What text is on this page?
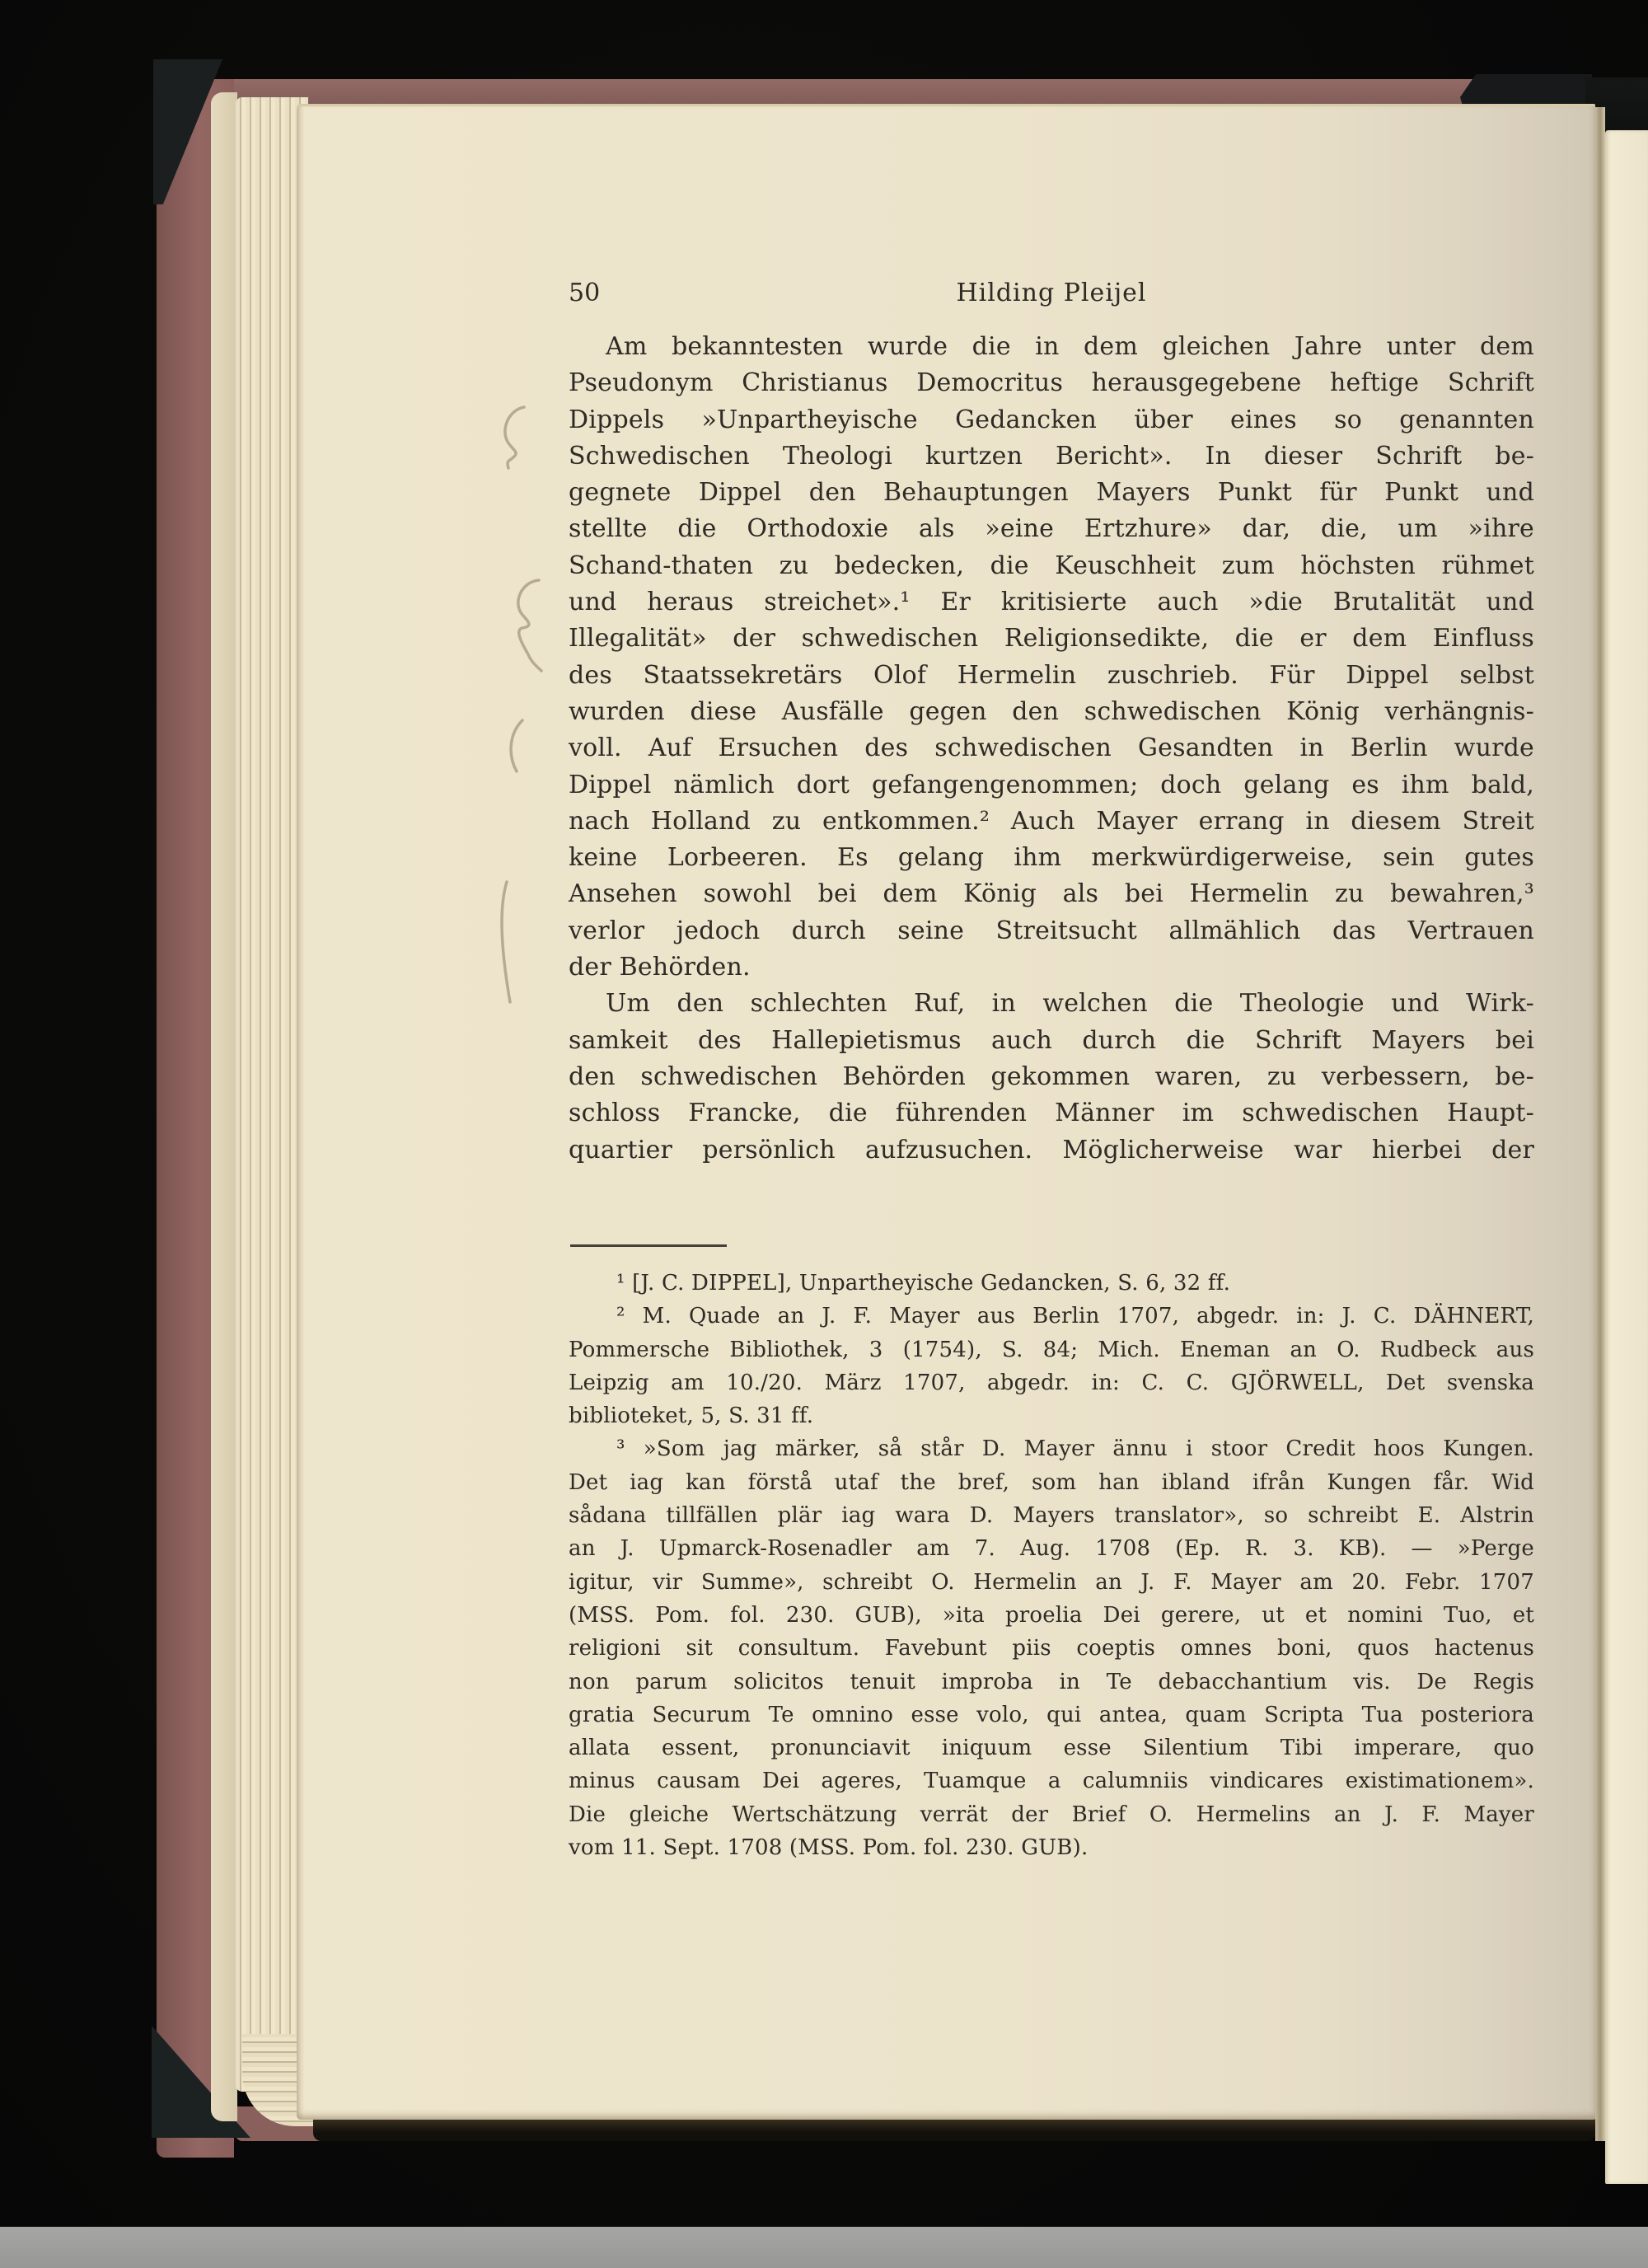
50	Hilding Pleijel
Am bekanntesten wurde die in dem gleichen Jahre unter dem
Pseudonym Christianus Democritus herausgegebene heftige Schrift
Dippels »Unpartheyische Gedancken über eines so genannten
Schwedischen Theologi kurtzen Bericht». In dieser Schrift be-
gegnete Dippel den Behauptungen Mayers Punkt für Punkt und
stellte die Orthodoxie als »eine Ertzhure» dar, die, um »ihre
Schand-thaten zu bedecken, die Keuschheit zum höchsten rühmet
und heraus streichet».¹ Er kritisierte auch »die Brutalität und
Illegalität» der schwedischen Religionsedikte, die er dem Einfluss
des Staatssekretärs Olof Hermelin zuschrieb. Für Dippel selbst
wurden diese Ausfälle gegen den schwedischen König verhängnis-
voll. Auf Ersuchen des schwedischen Gesandten in Berlin wurde
Dippel nämlich dort gefangengenommen; doch gelang es ihm bald,
nach Holland zu entkommen.² Auch Mayer errang in diesem Streit
keine Lorbeeren. Es gelang ihm merkwürdigerweise, sein gutes
Ansehen sowohl bei dem König als bei Hermelin zu bewahren,³
verlor jedoch durch seine Streitsucht allmählich das Vertrauen
der Behörden.
Um den schlechten Ruf, in welchen die Theologie und Wirk-
samkeit des Hallepietismus auch durch die Schrift Mayers bei
den schwedischen Behörden gekommen waren, zu verbessern, be-
schloss Francke, die führenden Männer im schwedischen Haupt-
quartier persönlich aufzusuchen. Möglicherweise war hierbei der
¹ [J. C. DIPPEL], Unpartheyische Gedancken, S. 6, 32 ff.
² M. Quade an J. F. Mayer aus Berlin 1707, abgedr. in: J. C. DÄHNERT,
Pommersche Bibliothek, 3 (1754), S. 84; Mich. Eneman an O. Rudbeck aus
Leipzig am 10./20. März 1707, abgedr. in: C. C. GJÖRWELL, Det svenska
biblioteket, 5, S. 31 ff.
³ »Som jag märker, så står D. Mayer ännu i stoor Credit hoos Kungen.
Det iag kan förstå utaf the bref, som han ibland ifrån Kungen får. Wid
sådana tillfällen plär iag wara D. Mayers translator», so schreibt E. Alstrin
an J. Upmarck-Rosenadler am 7. Aug. 1708 (Ep. R. 3. KB). — »Perge
igitur, vir Summe», schreibt O. Hermelin an J. F. Mayer am 20. Febr. 1707
(MSS. Pom. fol. 230. GUB), »ita proelia Dei gerere, ut et nomini Tuo, et
religioni sit consultum. Favebunt piis coeptis omnes boni, quos hactenus
non parum solicitos tenuit improba in Te debacchantium vis. De Regis
gratia Securum Te omnino esse volo, qui antea, quam Scripta Tua posteriora
allata essent, pronunciavit iniquum esse Silentium Tibi imperare, quo
minus causam Dei ageres, Tuamque a calumniis vindicares existimationem».
Die gleiche Wertschätzung verrät der Brief O. Hermelins an J. F. Mayer
vom 11. Sept. 1708 (MSS. Pom. fol. 230. GUB).
